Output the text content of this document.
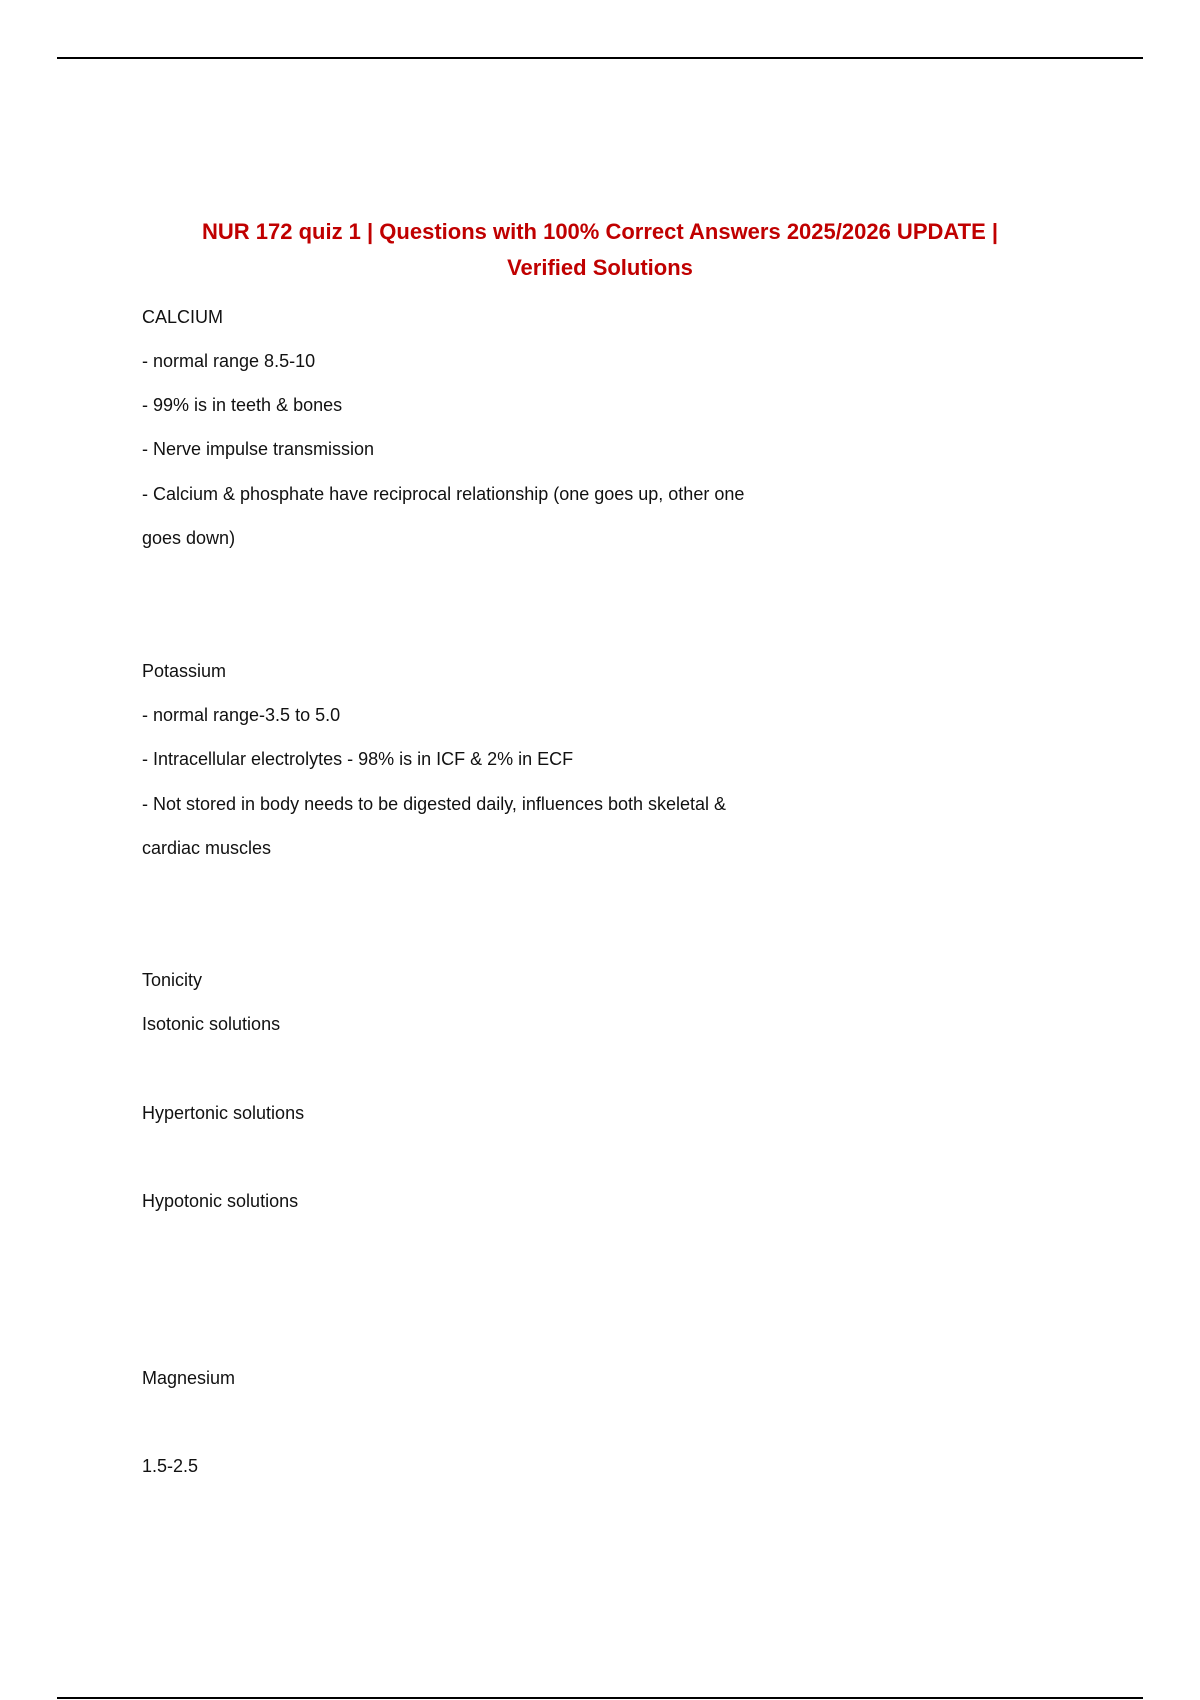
NUR 172 quiz 1 | Questions with 100% Correct Answers 2025/2026 UPDATE |
Verified Solutions

CALCIUM

- normal range 8.5-10

- 99% is in teeth & bones

- Nerve impulse transmission

- Calcium & phosphate have reciprocal relationship (one goes up, other one

goes down)

Potassium

- normal range-3.5 to 5.0

- Intracellular electrolytes - 98% is in ICF & 2% in ECF

- Not stored in body needs to be digested daily, influences both skeletal &

cardiac muscles

Tonicity

Isotonic solutions

Hypertonic solutions

Hypotonic solutions

Magnesium

1.5-2.5
